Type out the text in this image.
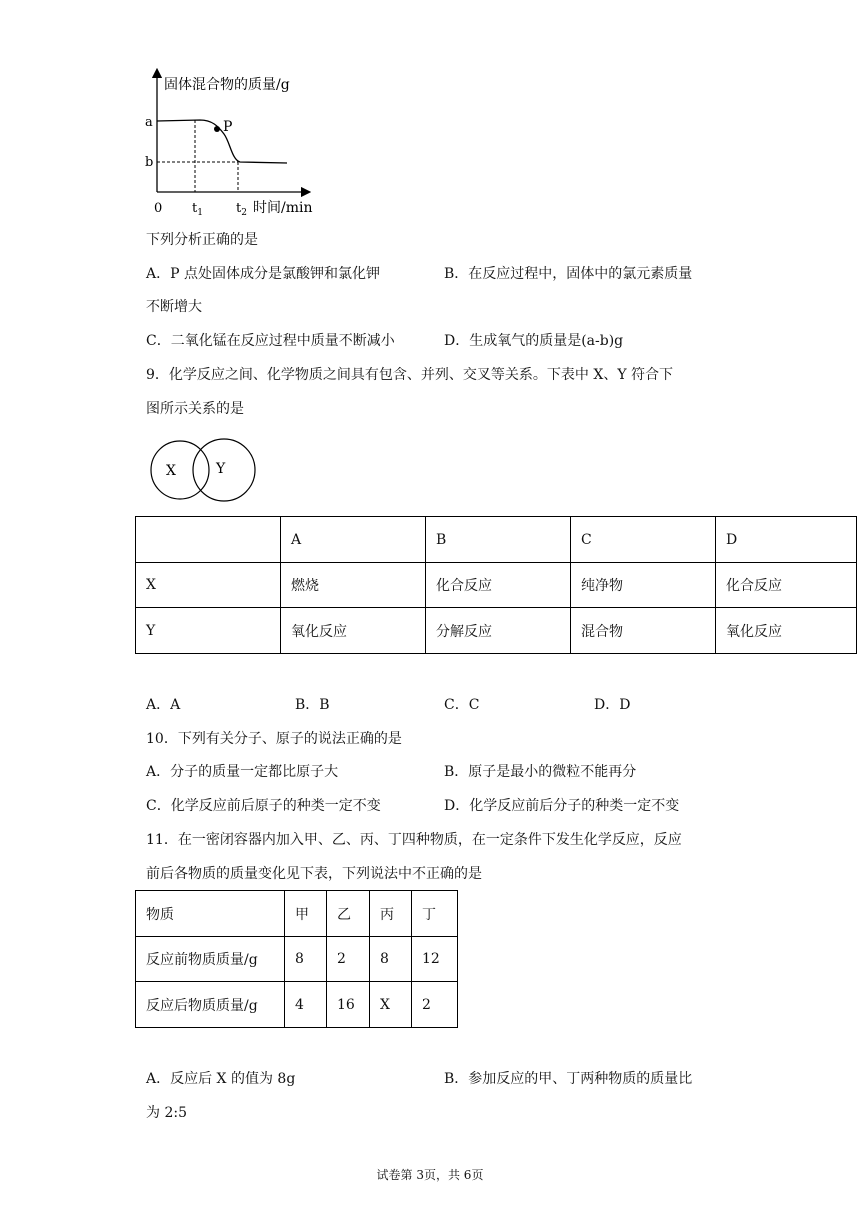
P
固体混合物的质量/g
a
b
0 $t_1$	$t_2$ 时间/min
下列分析正确的是
A．P 点处固体成分是氯酸钾和氯化钾	B．在反应过程中，固体中的氯元素质量
不断增大
C．二氧化锰在反应过程中质量不断减小	D．生成氧气的质量是(a-b)g
9．化学反应之间、化学物质之间具有包含、并列、交叉等关系。下表中 X、Y 符合下
图所示关系的是
X	Y
	A	B	C	D
X	燃烧	化合反应	纯净物	化合反应
Y	氧化反应	分解反应	混合物	氧化反应
A．A	B．B	C．C	D．D
10．下列有关分子、原子的说法正确的是
A．分子的质量一定都比原子大	B．原子是最小的微粒不能再分
C．化学反应前后原子的种类一定不变	D．化学反应前后分子的种类一定不变
11．在一密闭容器内加入甲、乙、丙、丁四种物质，在一定条件下发生化学反应，反应
前后各物质的质量变化见下表，下列说法中不正确的是
物质	甲	乙	丙	丁
反应前物质质量/g	8	2	8	12
反应后物质质量/g	4	16	X	2
A．反应后 X 的值为 8g	B．参加反应的甲、丁两种物质的质量比
为 2:5
试卷第 3页，共 6页
